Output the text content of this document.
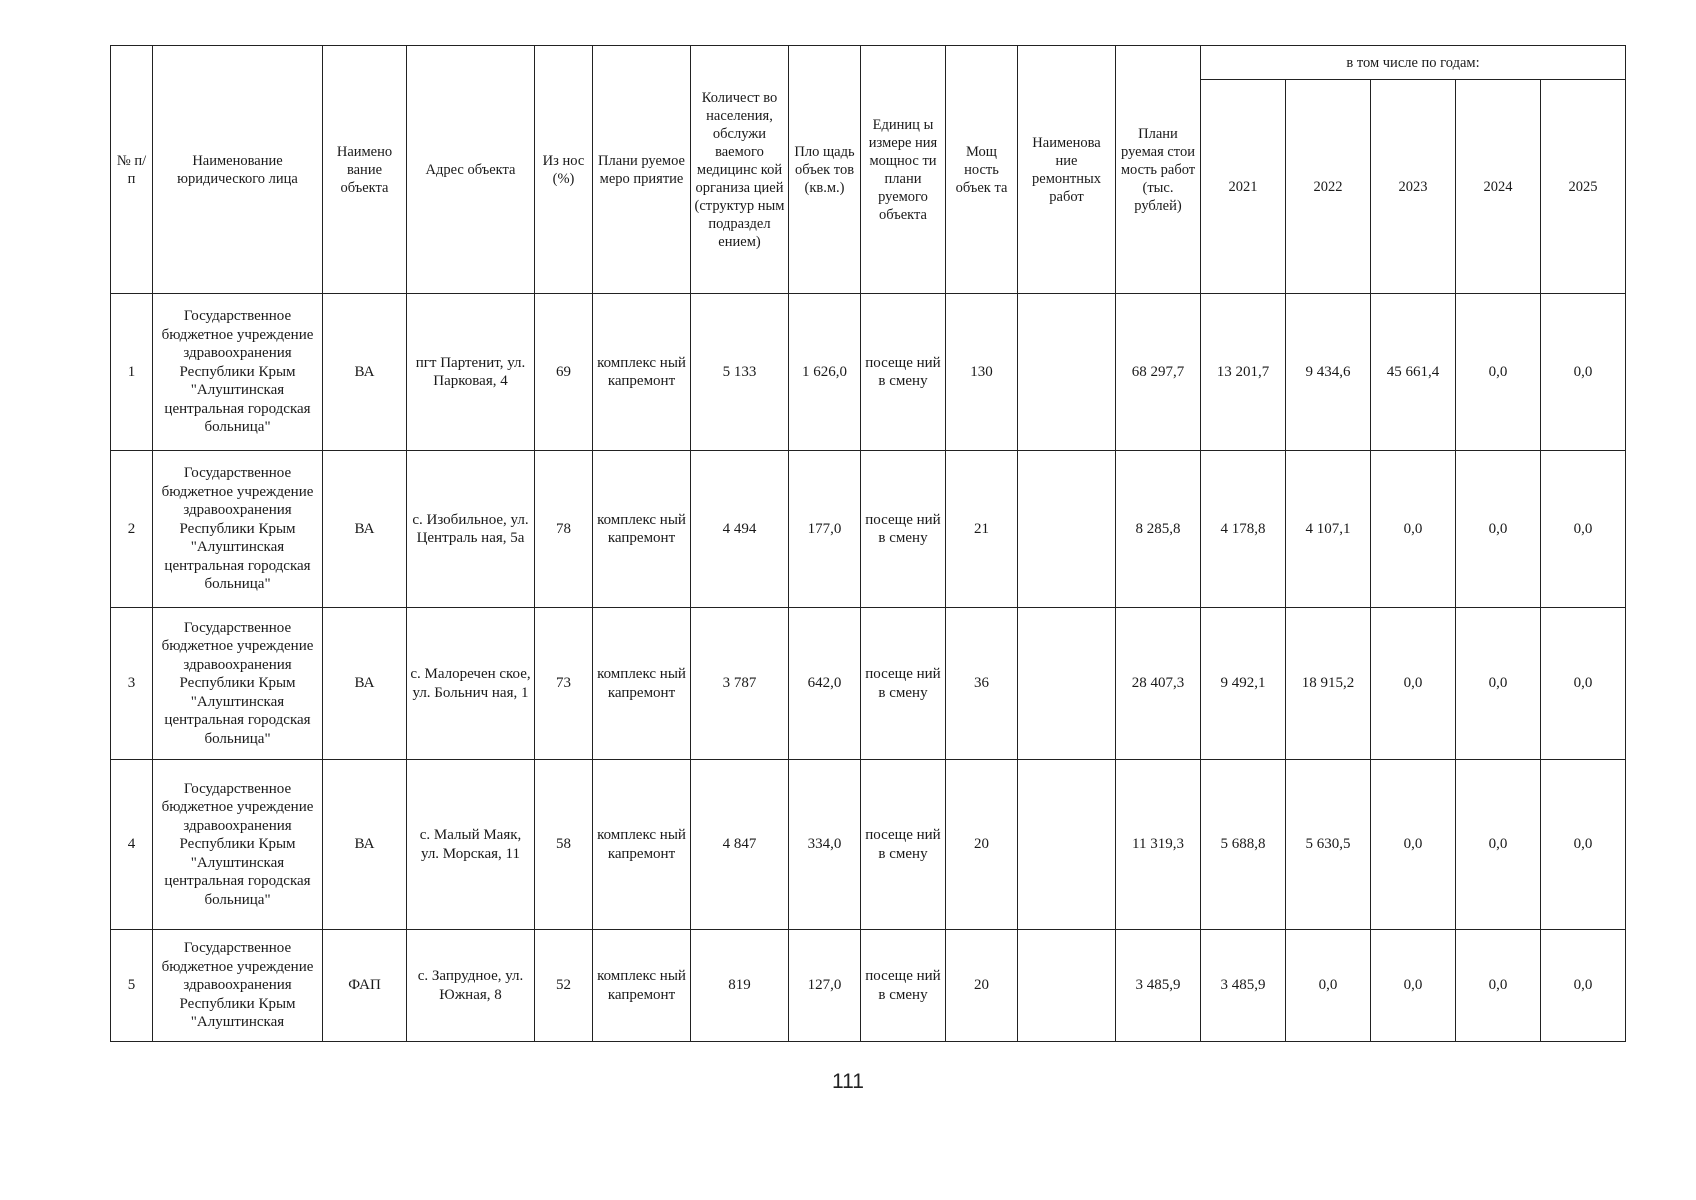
№ п/п	Наименование юридического лица	Наимено вание объекта	Адрес объекта	Из нос (%)	Плани руемое меро приятие	Количест во населения, обслужи ваемого медицинс кой организа цией (структур ным подраздел ением)	Пло щадь объек тов (кв.м.)	Единиц ы измере ния мощнос ти плани руемого объекта	Мощ ность объек та	Наименова ние ремонтных работ	Плани руемая стои мость работ (тыс. рублей)	в том числе по годам:				
												2021	2022	2023	2024	2025
1	Государственное бюджетное учреждение здравоохранения Республики Крым "Алуштинская центральная городская больница"	ВА	пгт Партенит, ул. Парковая, 4	69	комплекс ный капремонт	5 133	1 626,0	посеще ний в смену	130		68 297,7	13 201,7	9 434,6	45 661,4	0,0	0,0
2	Государственное бюджетное учреждение здравоохранения Республики Крым "Алуштинская центральная городская больница"	ВА	с. Изобильное, ул. Централь ная, 5а	78	комплекс ный капремонт	4 494	177,0	посеще ний в смену	21		8 285,8	4 178,8	4 107,1	0,0	0,0	0,0
3	Государственное бюджетное учреждение здравоохранения Республики Крым "Алуштинская центральная городская больница"	ВА	с. Малоречен ское, ул. Больнич ная, 1	73	комплекс ный капремонт	3 787	642,0	посеще ний в смену	36		28 407,3	9 492,1	18 915,2	0,0	0,0	0,0
4	Государственное бюджетное учреждение здравоохранения Республики Крым "Алуштинская центральная городская больница"	ВА	с. Малый Маяк, ул. Морская, 11	58	комплекс ный капремонт	4 847	334,0	посеще ний в смену	20		11 319,3	5 688,8	5 630,5	0,0	0,0	0,0
5	Государственное бюджетное учреждение здравоохранения Республики Крым "Алуштинская	ФАП	с. Запрудное, ул. Южная, 8	52	комплекс ный капремонт	819	127,0	посеще ний в смену	20		3 485,9	3 485,9	0,0	0,0	0,0	0,0
111
